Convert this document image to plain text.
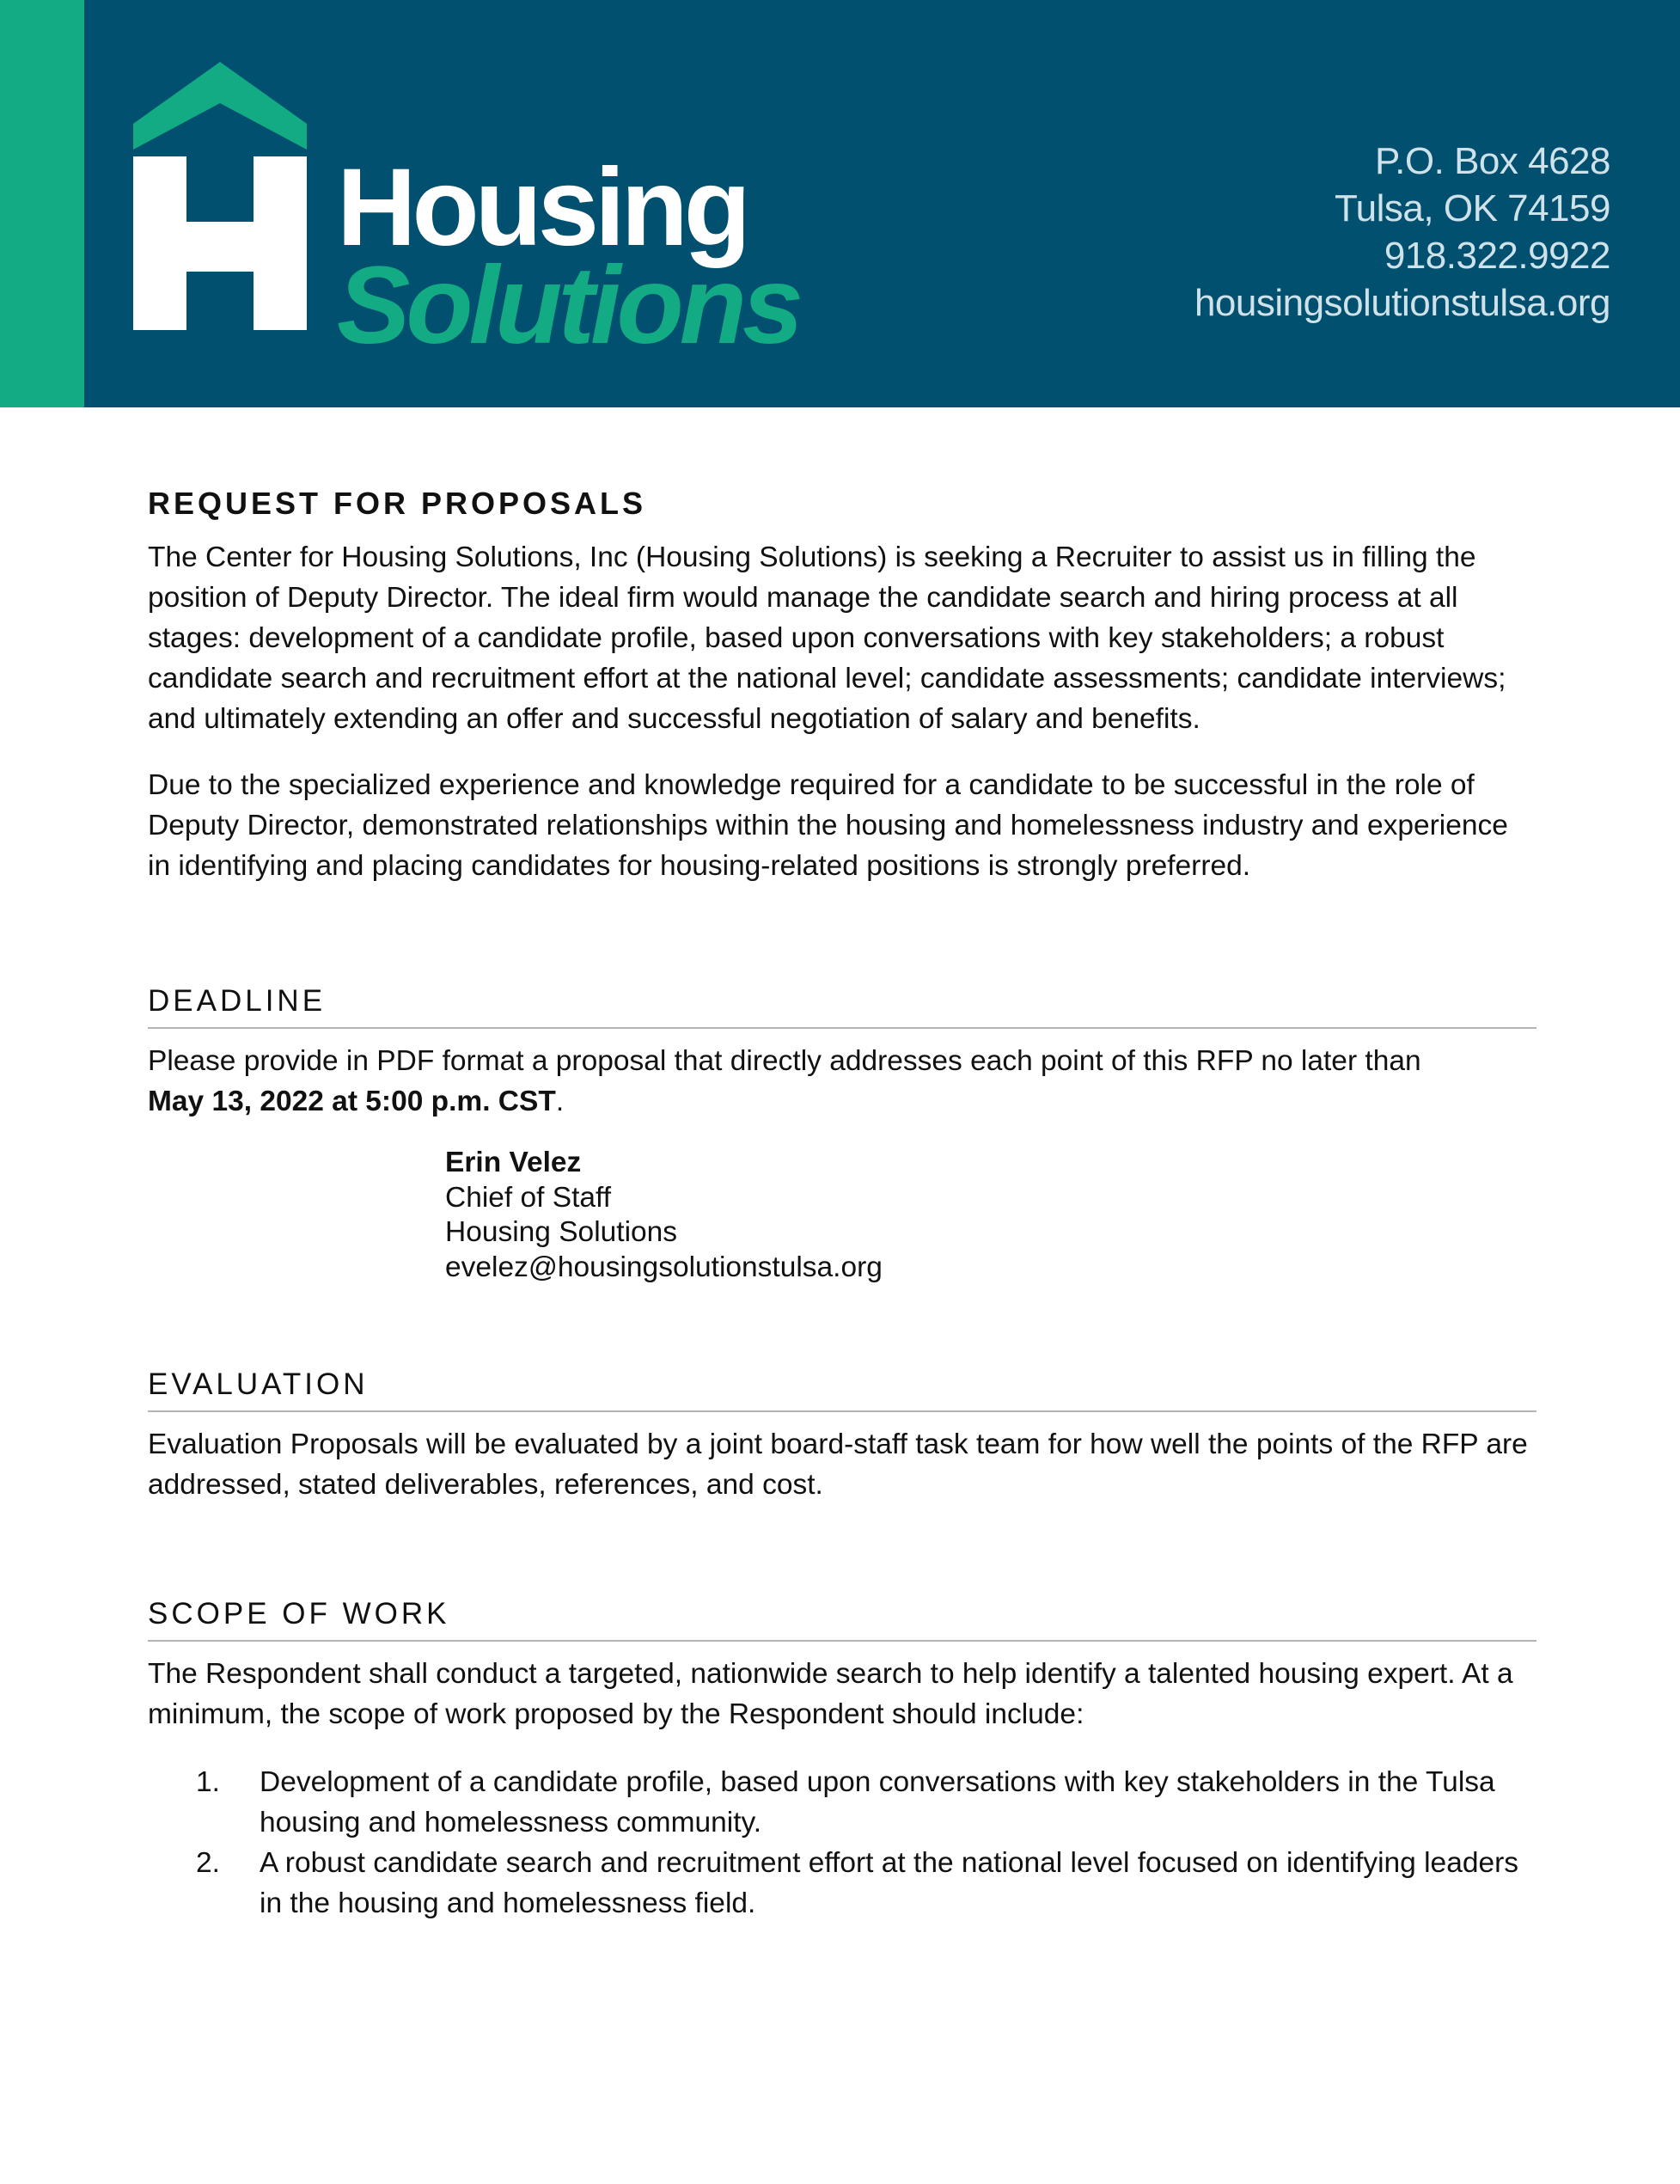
Housing
Solutions
P.O. Box 4628
Tulsa, OK 74159
918.322.9922
housingsolutionstulsa.org
REQUEST FOR PROPOSALS

The Center for Housing Solutions, Inc (Housing Solutions) is seeking a Recruiter to assist us in filling the position of Deputy Director. The ideal firm would manage the candidate search and hiring process at all stages: development of a candidate profile, based upon conversations with key stakeholders; a robust candidate search and recruitment effort at the national level; candidate assessments; candidate interviews; and ultimately extending an offer and successful negotiation of salary and benefits.

Due to the specialized experience and knowledge required for a candidate to be successful in the role of Deputy Director, demonstrated relationships within the housing and homelessness industry and experience in identifying and placing candidates for housing-related positions is strongly preferred.

DEADLINE

Please provide in PDF format a proposal that directly addresses each point of this RFP no later than May 13, 2022 at 5:00 p.m. CST.

Erin Velez
Chief of Staff
Housing Solutions
evelez@housingsolutionstulsa.org
EVALUATION

Evaluation Proposals will be evaluated by a joint board-staff task team for how well the points of the RFP are addressed, stated deliverables, references, and cost.

SCOPE OF WORK

The Respondent shall conduct a targeted, nationwide search to help identify a talented housing expert. At a minimum, the scope of work proposed by the Respondent should include:

1. Development of a candidate profile, based upon conversations with key stakeholders in the Tulsa housing and homelessness community.
2. A robust candidate search and recruitment effort at the national level focused on identifying leaders in the housing and homelessness field.
